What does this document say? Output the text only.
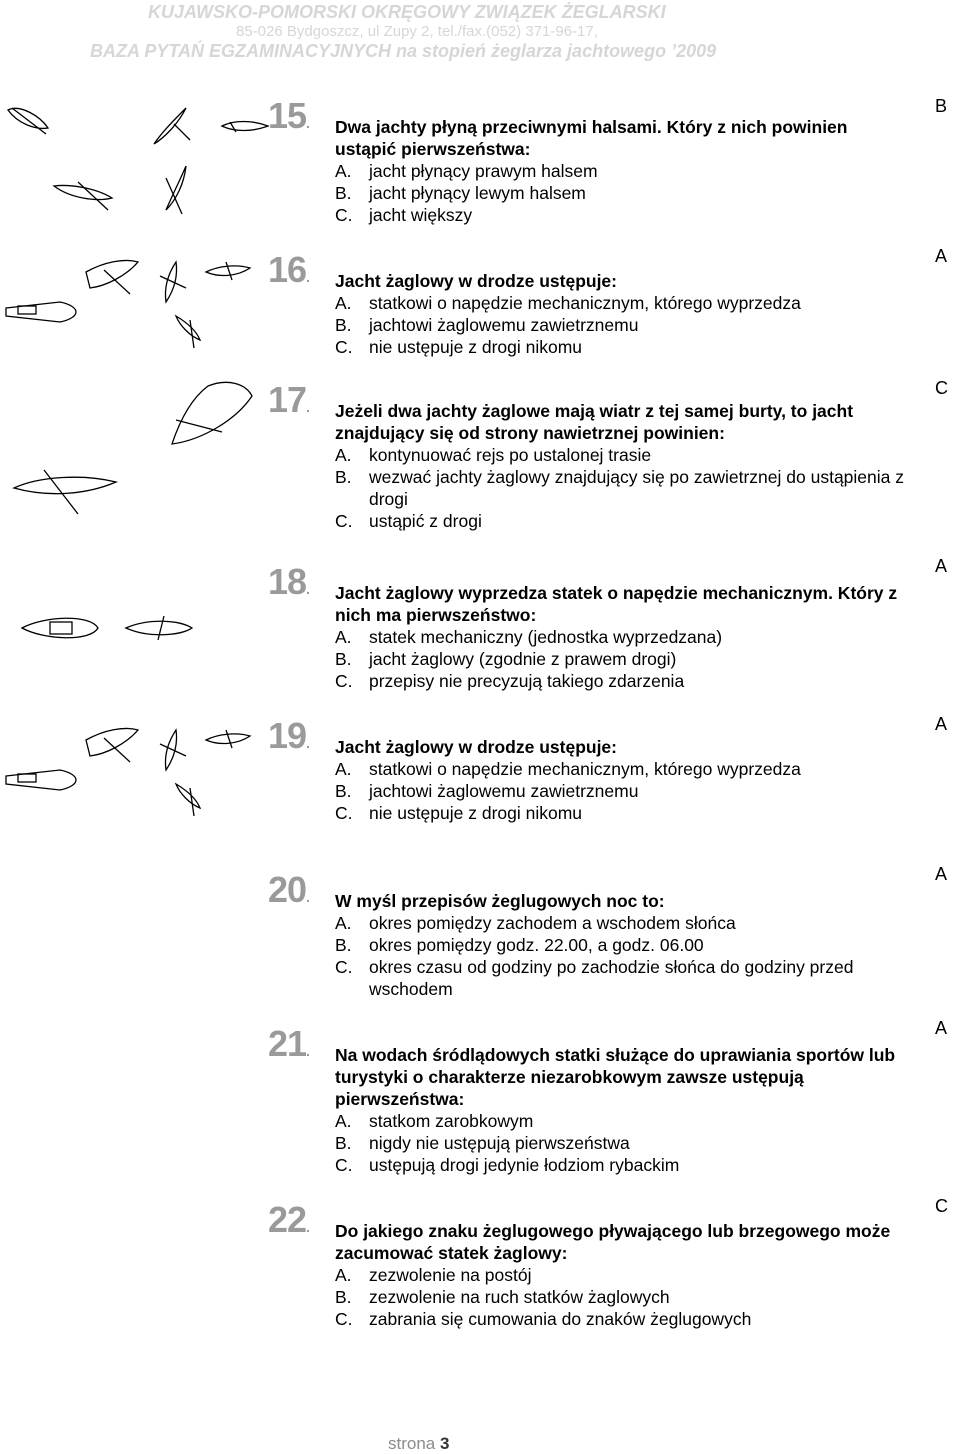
KUJAWSKO-POMORSKI OKRĘGOWY ZWIĄZEK ŻEGLARSKI
85-026 Bydgoszcz, ul Zupy 2, tel./fax.(052) 371-96-17,
BAZA PYTAŃ EGZAMINACYJNYCH na stopień żeglarza jachtowego ’2009
15. Dwa jachty płyną przeciwnymi halsami. Który z nich powinien ustąpić pierwszeństwa:

A. jacht płynący prawym halsem

B. jacht płynący lewym halsem

C. jacht większy

B
16. Jacht żaglowy w drodze ustępuje:

A. statkowi o napędzie mechanicznym, którego wyprzedza

B. jachtowi żaglowemu zawietrznemu

C. nie ustępuje z drogi nikomu

A
17. Jeżeli dwa jachty żaglowe mają wiatr z tej samej burty, to jacht znajdujący się od strony nawietrznej powinien:

A. kontynuować rejs po ustalonej trasie

B. wezwać jachty żaglowy znajdujący się po zawietrznej do ustąpienia z drogi

C. ustąpić z drogi

C
18. Jacht żaglowy wyprzedza statek o napędzie mechanicznym. Który z nich ma pierwszeństwo:

A. statek mechaniczny (jednostka wyprzedzana)

B. jacht żaglowy (zgodnie z prawem drogi)

C. przepisy nie precyzują takiego zdarzenia

A
19. Jacht żaglowy w drodze ustępuje:

A. statkowi o napędzie mechanicznym, którego wyprzedza

B. jachtowi żaglowemu zawietrznemu

C. nie ustępuje z drogi nikomu

A
20. W myśl przepisów żeglugowych noc to:

A. okres pomiędzy zachodem a wschodem słońca

B. okres pomiędzy godz. 22.00, a godz. 06.00

C. okres czasu od godziny po zachodzie słońca do godziny przed wschodem

A
21. Na wodach śródlądowych statki służące do uprawiania sportów lub turystyki o charakterze niezarobkowym zawsze ustępują pierwszeństwa:

A. statkom zarobkowym

B. nigdy nie ustępują pierwszeństwa

C. ustępują drogi jedynie łodziom rybackim

A
22. Do jakiego znaku żeglugowego pływającego lub brzegowego może zacumować statek żaglowy:

A. zezwolenie na postój

B. zezwolenie na ruch statków żaglowych

C. zabrania się cumowania do znaków żeglugowych

C
strona 3
